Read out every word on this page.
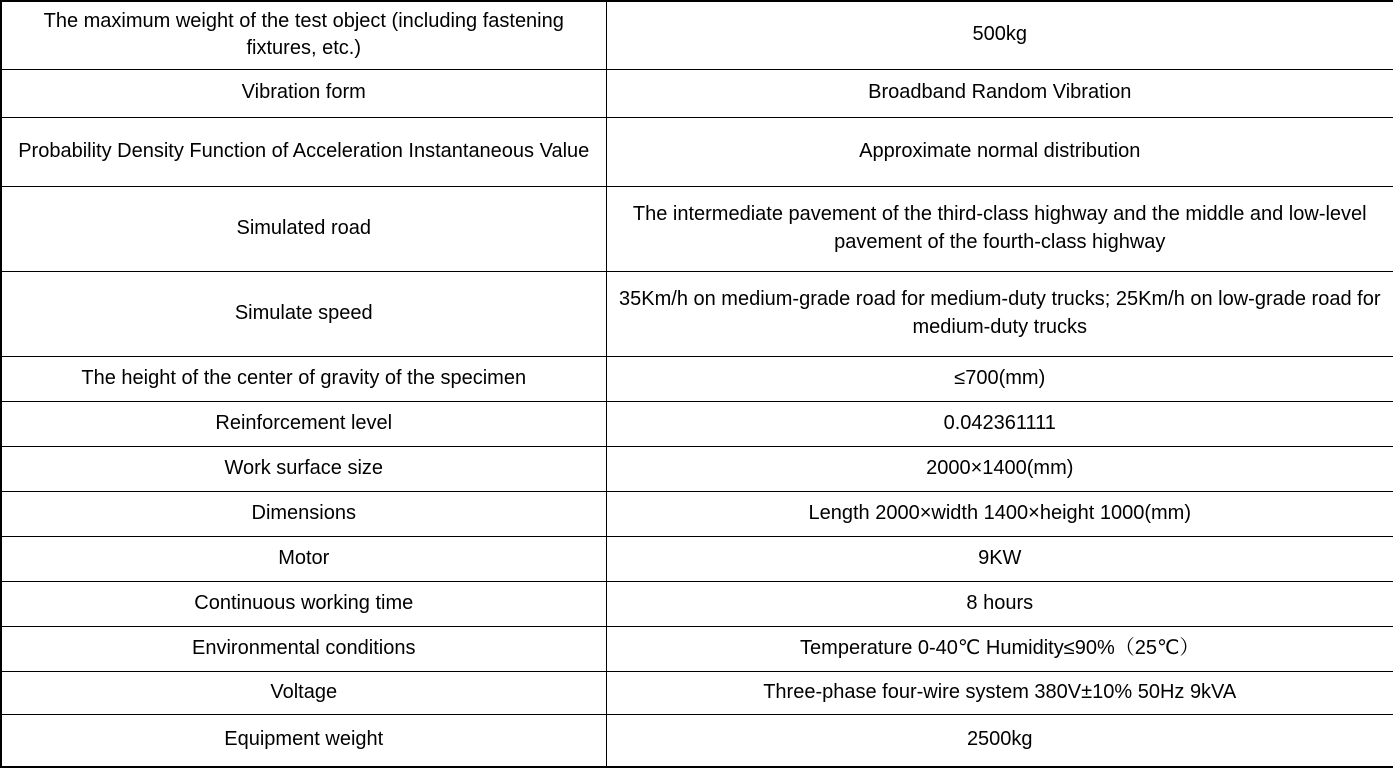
The maximum weight of the test object (including fastening fixtures, etc.)	500kg
Vibration form	Broadband Random Vibration
Probability Density Function of Acceleration Instantaneous Value	Approximate normal distribution
Simulated road	The intermediate pavement of the third-class highway and the middle and low-level pavement of the fourth-class highway
Simulate speed	35Km/h on medium-grade road for medium-duty trucks; 25Km/h on low-grade road for medium-duty trucks
The height of the center of gravity of the specimen	≤700(mm)
Reinforcement level	0.042361111
Work surface size	2000×1400(mm)
Dimensions	Length 2000×width 1400×height 1000(mm)
Motor	9KW
Continuous working time	8 hours
Environmental conditions	Temperature 0-40℃ Humidity≤90%（25℃）
Voltage	Three-phase four-wire system 380V±10% 50Hz 9kVA
Equipment weight	2500kg
